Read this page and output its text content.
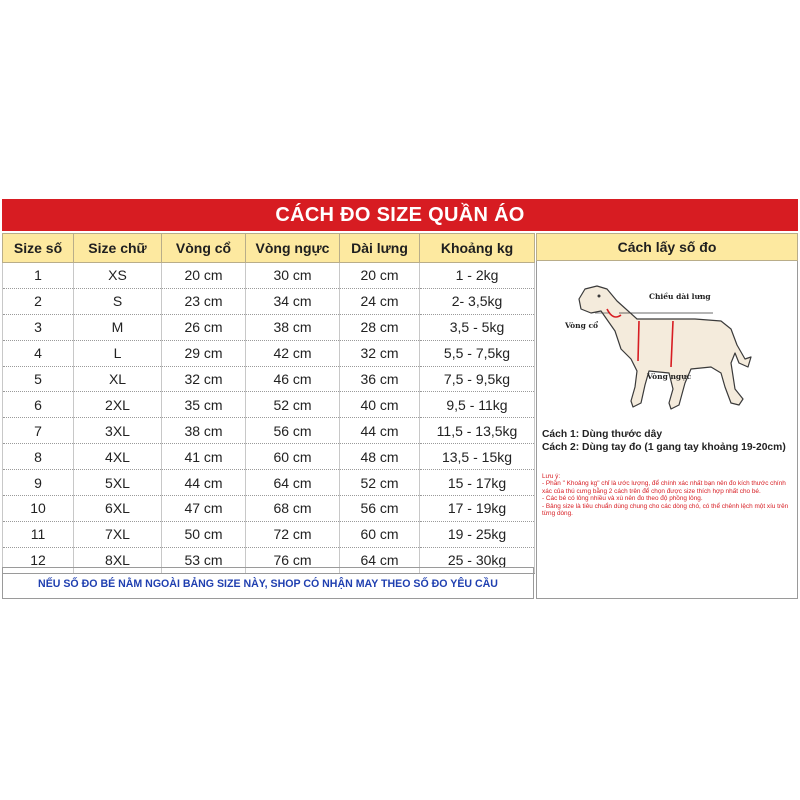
CÁCH ĐO SIZE QUẦN ÁO
Size số	Size chữ	Vòng cổ	Vòng ngực	Dài lưng	Khoảng kg
1	XS	20 cm	30 cm	20 cm	1 - 2kg
2	S	23 cm	34 cm	24 cm	2- 3,5kg
3	M	26 cm	38 cm	28 cm	3,5 - 5kg
4	L	29 cm	42 cm	32 cm	5,5 - 7,5kg
5	XL	32 cm	46 cm	36 cm	7,5 - 9,5kg
6	2XL	35 cm	52 cm	40 cm	9,5 - 11kg
7	3XL	38 cm	56 cm	44 cm	11,5 - 13,5kg
8	4XL	41 cm	60 cm	48 cm	13,5 - 15kg
9	5XL	44 cm	64 cm	52 cm	15 - 17kg
10	6XL	47 cm	68 cm	56 cm	17 - 19kg
11	7XL	50 cm	72 cm	60 cm	19 - 25kg
12	8XL	53 cm	76 cm	64 cm	25 - 30kg
NẾU SỐ ĐO BÉ NẰM NGOÀI BẢNG SIZE NÀY, SHOP CÓ NHẬN MAY THEO SỐ ĐO YÊU CẦU
Cách lấy số đo
Chiều dài lưng
Vòng cổ
Vòng ngực
Cách 1: Dùng thước dây
Cách 2: Dùng tay đo (1 gang tay khoảng 19-20cm)
Lưu ý:
- Phần " Khoảng kg" chỉ là ước lượng, để chính xác nhất bạn nên đo kích thước chính xác của thú cưng bằng 2 cách trên để chọn được size thích hợp nhất cho bé.
- Các bé có lông nhiều và xù nên đo theo độ phồng lông.
- Bảng size là tiêu chuẩn dùng chung cho các dòng chó, có thể chênh lệch một xíu trên từng dòng.
